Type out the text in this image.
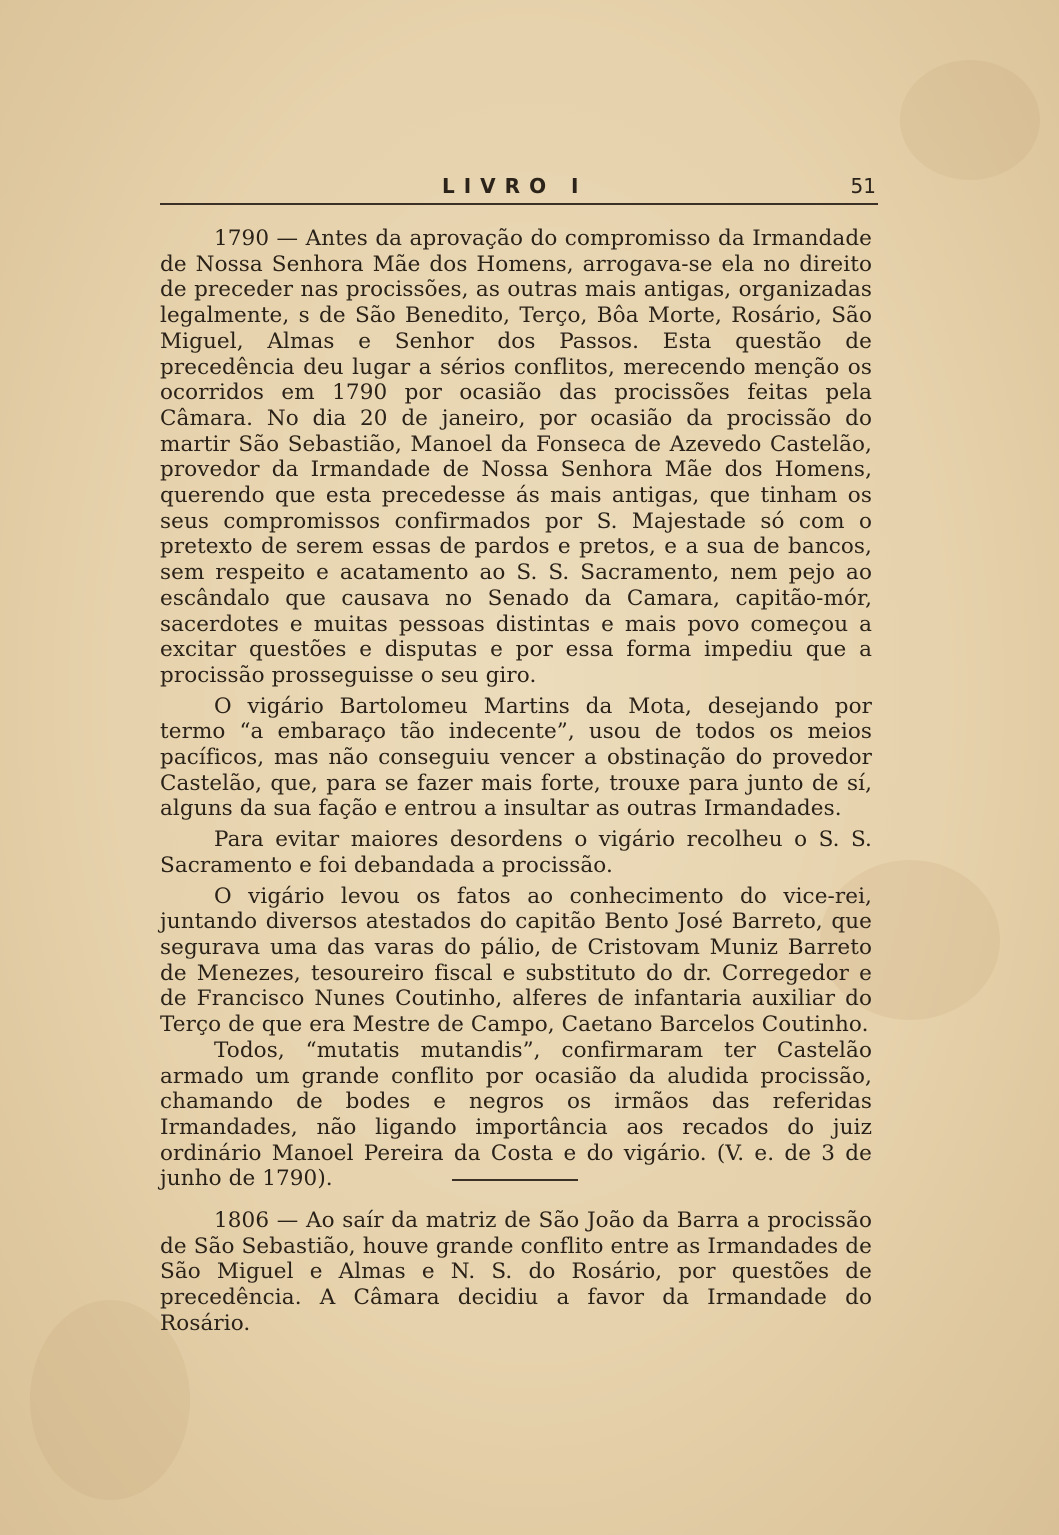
LIVRO I	51

1790 — Antes da aprovação do compromisso da Irmandade de Nossa Senhora Mãe dos Homens, arrogava-se ela no direito de preceder nas procissões, as outras mais antigas, organizadas legalmente, s de São Benedito, Terço, Bôa Morte, Rosário, São Miguel, Almas e Senhor dos Passos. Esta questão de precedência deu lugar a sérios conflitos, merecendo menção os ocorridos em 1790 por ocasião das procissões feitas pela Câmara. No dia 20 de janeiro, por ocasião da procissão do martir São Sebastião, Manoel da Fonseca de Azevedo Castelão, provedor da Irmandade de Nossa Senhora Mãe dos Homens, querendo que esta precedesse ás mais antigas, que tinham os seus compromissos confirmados por S. Majestade só com o pretexto de serem essas de pardos e pretos, e a sua de bancos, sem respeito e acatamento ao S. S. Sacramento, nem pejo ao escândalo que causava no Senado da Camara, capitão-mór, sacerdotes e muitas pessoas distintas e mais povo começou a excitar questões e disputas e por essa forma impediu que a procissão prosseguisse o seu giro.

O vigário Bartolomeu Martins da Mota, desejando por termo “a embaraço tão indecente”, usou de todos os meios pacíficos, mas não conseguiu vencer a obstinação do provedor Castelão, que, para se fazer mais forte, trouxe para junto de sí, alguns da sua fação e entrou a insultar as outras Irmandades.

Para evitar maiores desordens o vigário recolheu o S. S. Sacramento e foi debandada a procissão.

O vigário levou os fatos ao conhecimento do vice-rei, juntando diversos atestados do capitão Bento José Barreto, que segurava uma das varas do pálio, de Cristovam Muniz Barreto de Menezes, tesoureiro fiscal e substituto do dr. Corregedor e de Francisco Nunes Coutinho, alferes de infantaria auxiliar do Terço de que era Mestre de Campo, Caetano Barcelos Coutinho.

Todos, “mutatis mutandis”, confirmaram ter Castelão armado um grande conflito por ocasião da aludida procissão, chamando de bodes e negros os irmãos das referidas Irmandades, não ligando importância aos recados do juiz ordinário Manoel Pereira da Costa e do vigário. (V. e. de 3 de junho de 1790).

1806 — Ao saír da matriz de São João da Barra a procissão de São Sebastião, houve grande conflito entre as Irmandades de São Miguel e Almas e N. S. do Rosário, por questões de precedência. A Câmara decidiu a favor da Irmandade do Rosário.
